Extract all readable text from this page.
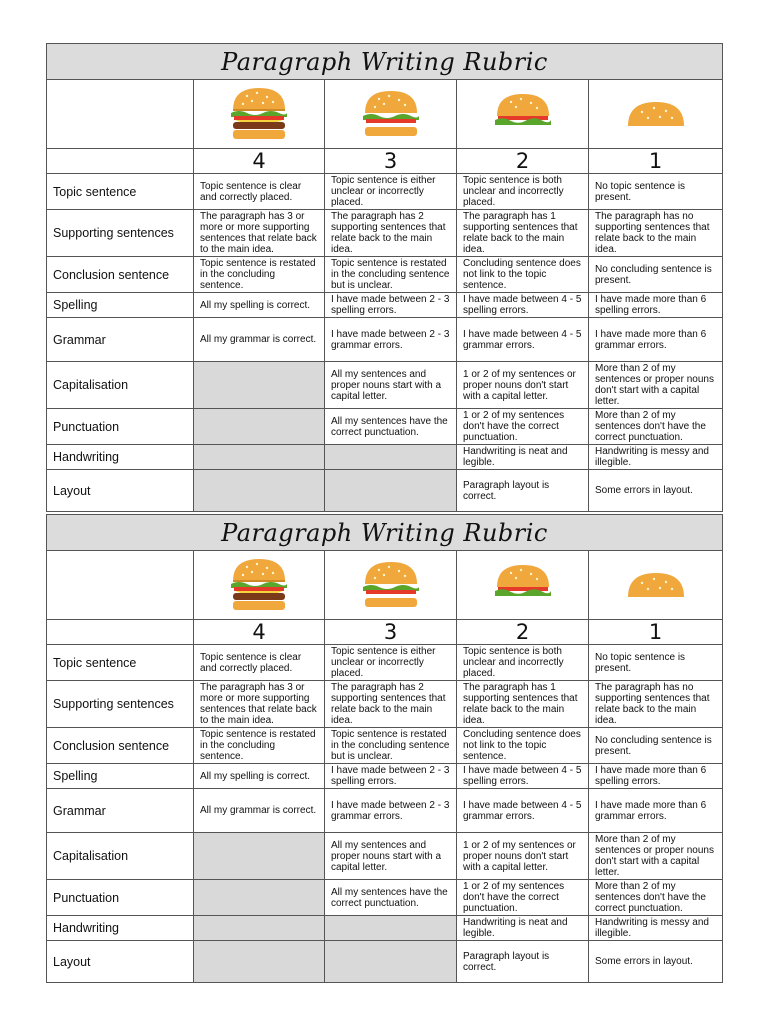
Paragraph Writing Rubric				

	4	3	2	1
Topic sentence	Topic sentence is clear and correctly placed.	Topic sentence is either unclear or incorrectly placed.	Topic sentence is both unclear and incorrectly placed.	No topic sentence is present.
Supporting sentences	The paragraph has 3 or more or more supporting sentences that relate back to the main idea.	The paragraph has 2 supporting sentences that relate back to the main idea.	The paragraph has 1 supporting sentences that relate back to the main idea.	The paragraph has no supporting sentences that relate back to the main idea.
Conclusion sentence	Topic sentence is restated in the concluding sentence.	Topic sentence is restated in the concluding sentence but is unclear.	Concluding sentence does not link to the topic sentence.	No concluding sentence is present.
Spelling	All my spelling is correct.	I have made between 2 - 3 spelling errors.	I have made between 4 - 5 spelling errors.	I have made more than 6 spelling errors.
Grammar	All my grammar is correct.	I have made between 2 - 3 grammar errors.	I have made between 4 - 5 grammar errors.	I have made more than 6 grammar errors.
Capitalisation		All my sentences and proper nouns start with a capital letter.	1 or 2 of my sentences or proper nouns don't start with a capital letter.	More than 2 of my sentences or proper nouns don't start with a capital letter.
Punctuation		All my sentences have the correct punctuation.	1 or 2 of my sentences don't have the correct punctuation.	More than 2 of my sentences don't have the correct punctuation.
Handwriting			Handwriting is neat and legible.	Handwriting is messy and illegible.
Layout			Paragraph layout is correct.	Some errors in layout.
Paragraph Writing Rubric				

	4	3	2	1
Topic sentence	Topic sentence is clear and correctly placed.	Topic sentence is either unclear or incorrectly placed.	Topic sentence is both unclear and incorrectly placed.	No topic sentence is present.
Supporting sentences	The paragraph has 3 or more or more supporting sentences that relate back to the main idea.	The paragraph has 2 supporting sentences that relate back to the main idea.	The paragraph has 1 supporting sentences that relate back to the main idea.	The paragraph has no supporting sentences that relate back to the main idea.
Conclusion sentence	Topic sentence is restated in the concluding sentence.	Topic sentence is restated in the concluding sentence but is unclear.	Concluding sentence does not link to the topic sentence.	No concluding sentence is present.
Spelling	All my spelling is correct.	I have made between 2 - 3 spelling errors.	I have made between 4 - 5 spelling errors.	I have made more than 6 spelling errors.
Grammar	All my grammar is correct.	I have made between 2 - 3 grammar errors.	I have made between 4 - 5 grammar errors.	I have made more than 6 grammar errors.
Capitalisation		All my sentences and proper nouns start with a capital letter.	1 or 2 of my sentences or proper nouns don't start with a capital letter.	More than 2 of my sentences or proper nouns don't start with a capital letter.
Punctuation		All my sentences have the correct punctuation.	1 or 2 of my sentences don't have the correct punctuation.	More than 2 of my sentences don't have the correct punctuation.
Handwriting			Handwriting is neat and legible.	Handwriting is messy and illegible.
Layout			Paragraph layout is correct.	Some errors in layout.
